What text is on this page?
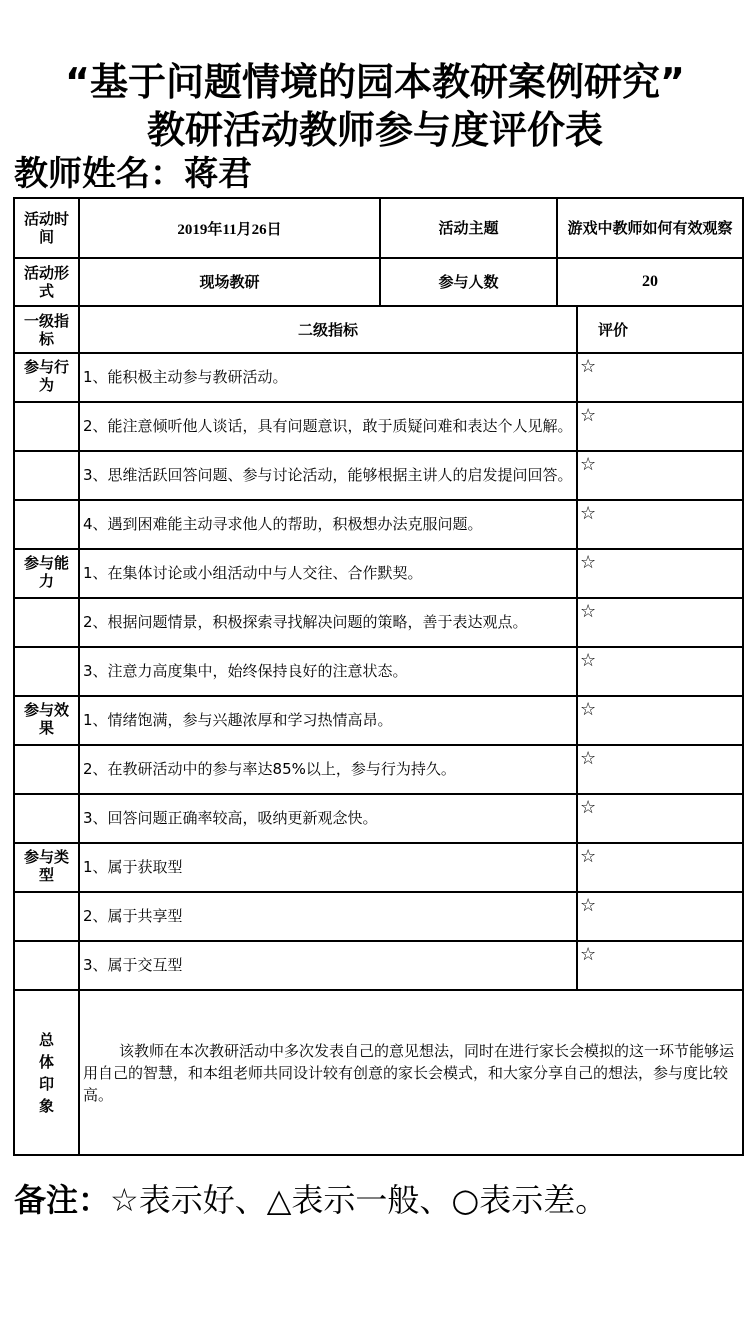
“基于问题情境的园本教研案例研究”
教研活动教师参与度评价表
教师姓名：蒋君
活动时间	2019年11月26日	活动主题	游戏中教师如何有效观察	
活动形式	现场教研	参与人数	20	
一级指标	二级指标			评价
参与行为	1、能积极主动参与教研活动。			☆
	2、能注意倾听他人谈话，具有问题意识，敢于质疑问难和表达个人见解。			☆
	3、思维活跃回答问题、参与讨论活动，能够根据主讲人的启发提问回答。			☆
	4、遇到困难能主动寻求他人的帮助，积极想办法克服问题。			☆
参与能力	1、在集体讨论或小组活动中与人交往、合作默契。			☆
	2、根据问题情景，积极探索寻找解决问题的策略，善于表达观点。			☆
	3、注意力高度集中，始终保持良好的注意状态。			☆
参与效果	1、情绪饱满，参与兴趣浓厚和学习热情高昂。			☆
	2、在教研活动中的参与率达85%以上，参与行为持久。			☆
	3、回答问题正确率较高，吸纳更新观念快。			☆
参与类型	1、属于获取型			☆
	2、属于共享型			☆
	3、属于交互型			☆
总体印象	该教师在本次教研活动中多次发表自己的意见想法，同时在进行家长会模拟的这一环节能够运用自己的智慧，和本组老师共同设计较有创意的家长会模式，和大家分享自己的想法，参与度比较高。			
备注：☆表示好、△表示一般、○表示差。
